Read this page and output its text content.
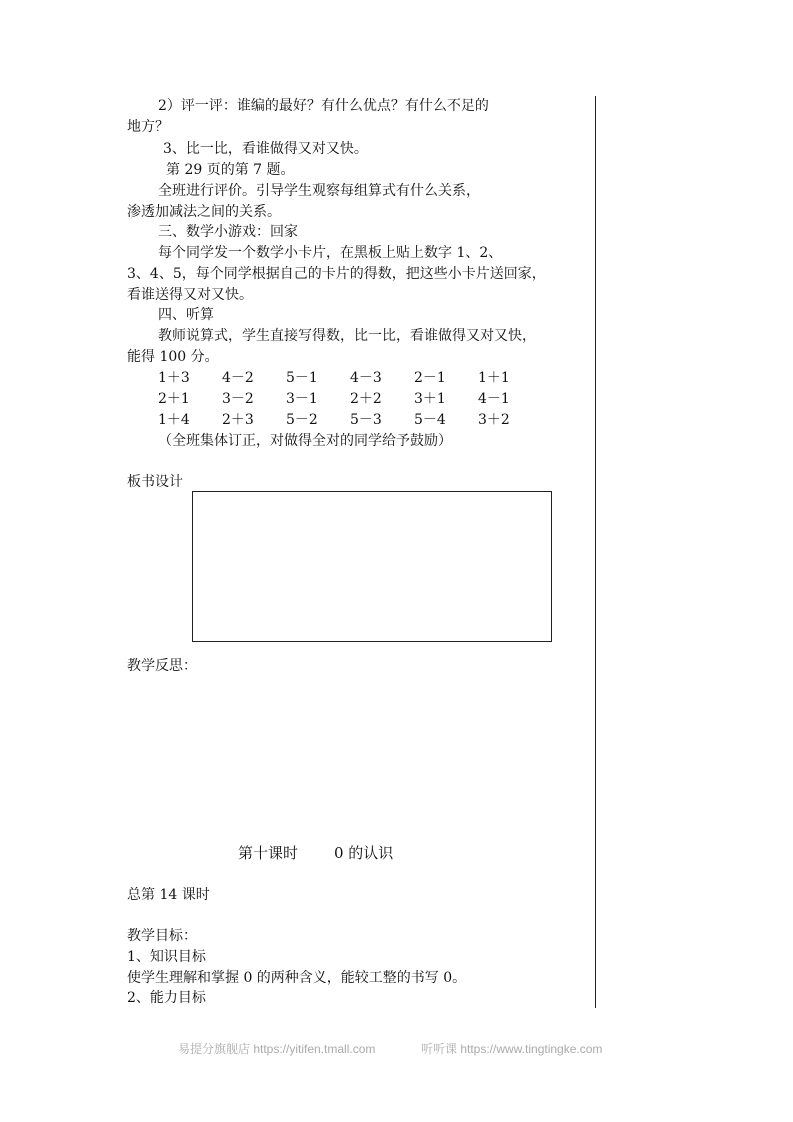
2）评一评：谁编的最好？有什么优点？有什么不足的
地方？
3、比一比，看谁做得又对又快。
第 29 页的第 7 题。
全班进行评价。引导学生观察每组算式有什么关系，
渗透加减法之间的关系。
三、数学小游戏：回家
每个同学发一个数学小卡片，在黑板上贴上数字 1、2、
3、4、5，每个同学根据自己的卡片的得数，把这些小卡片送回家，
看谁送得又对又快。
四、听算
教师说算式，学生直接写得数，比一比，看谁做得又对又快，
能得 100 分。
1＋3 4－2 5－1 4－3 2－1 1＋1
2＋1 3－2 3－1 2＋2 3＋1 4－1
1＋4 2＋3 5－2 5－3 5－4 3＋2
（全班集体订正，对做得全对的同学给予鼓励）
板书设计
教学反思：
第十课时 0 的认识
总第 14 课时
教学目标：
1、知识目标
使学生理解和掌握 0 的两种含义，能较工整的书写 0。
2、能力目标
易提分旗舰店 https://yitifen.tmall.com	听听课 https://www.tingtingke.com
